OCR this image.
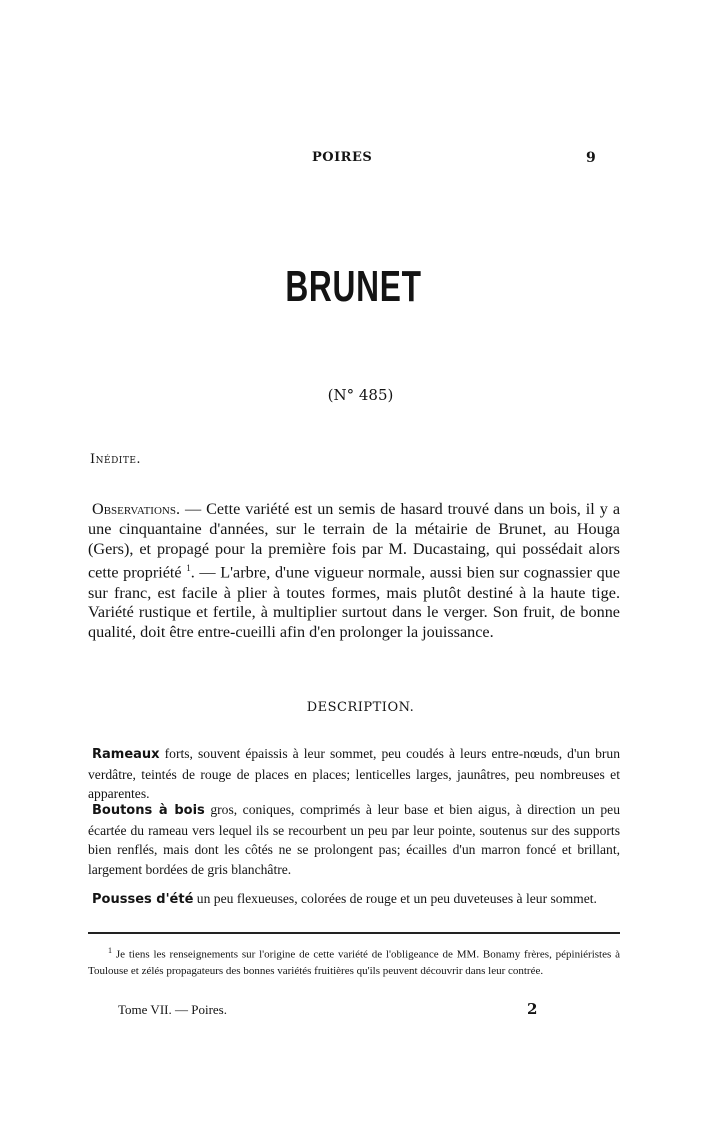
POIRES	9
BRUNET
(N° 485)
Inédite.
Observations. — Cette variété est un semis de hasard trouvé dans un bois, il y a une cinquantaine d'années, sur le terrain de la métairie de Brunet, au Houga (Gers), et propagé pour la première fois par M. Ducastaing, qui possédait alors cette propriété $^1$. — L'arbre, d'une vigueur normale, aussi bien sur cognassier que sur franc, est facile à plier à toutes formes, mais plutôt destiné à la haute tige. Variété rustique et fertile, à multiplier surtout dans le verger. Son fruit, de bonne qualité, doit être entre-cueilli afin d'en prolonger la jouissance.
DESCRIPTION.
Rameaux forts, souvent épaissis à leur sommet, peu coudés à leurs entre-nœuds, d'un brun verdâtre, teintés de rouge de places en places; lenticelles larges, jaunâtres, peu nombreuses et apparentes.
Boutons à bois gros, coniques, comprimés à leur base et bien aigus, à direction un peu écartée du rameau vers lequel ils se recourbent un peu par leur pointe, soutenus sur des supports bien renflés, mais dont les côtés ne se prolongent pas; écailles d'un marron foncé et brillant, largement bordées de gris blanchâtre.
Pousses d'été un peu flexueuses, colorées de rouge et un peu duveteuses à leur sommet.
$^1$ Je tiens les renseignements sur l'origine de cette variété de l'obligeance de MM. Bonamy frères, pépiniéristes à Toulouse et zélés propagateurs des bonnes variétés fruitières qu'ils peuvent découvrir dans leur contrée.
Tome VII. — Poires.	2
